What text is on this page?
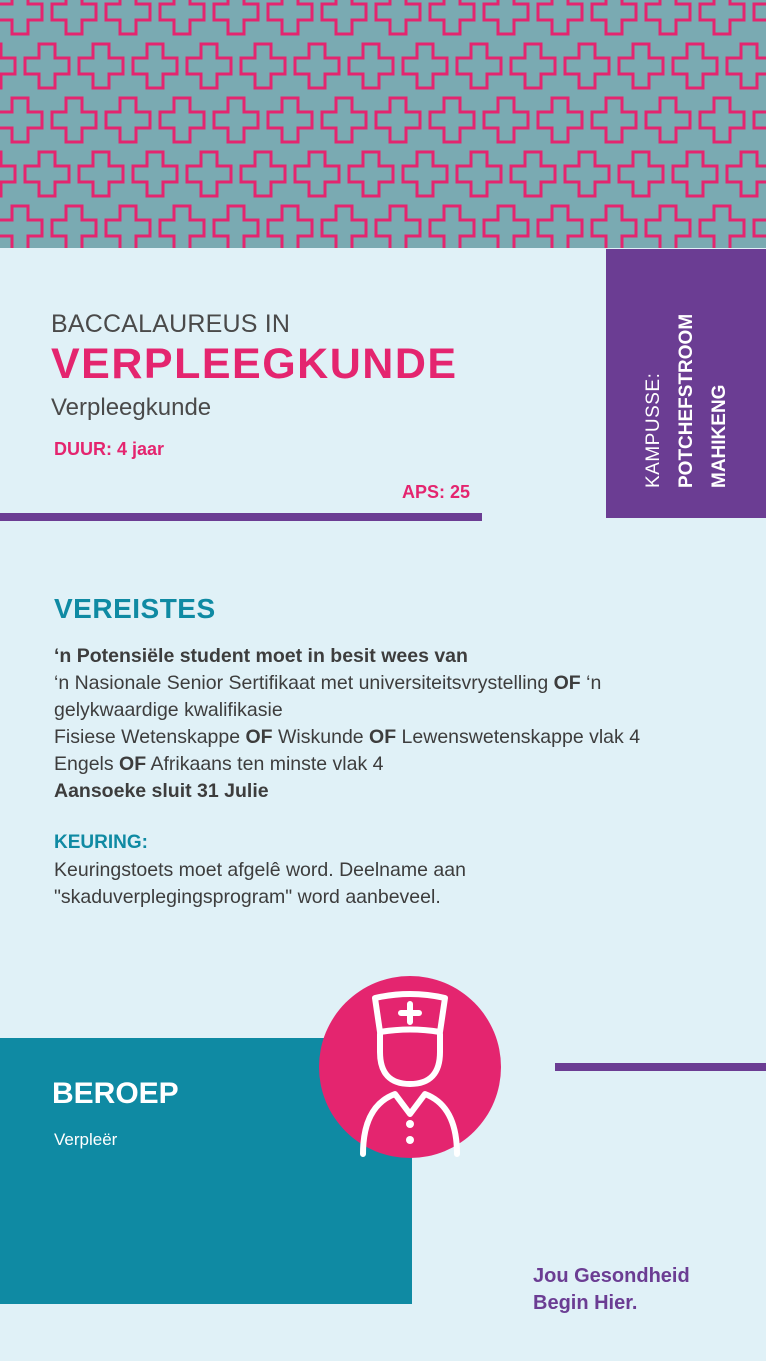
KAMPUSSE: POTCHEFSTROOM MAHIKENG
BACCALAUREUS IN
VERPLEEGKUNDE
Verpleegkunde
DUUR: 4 jaar
APS: 25
VEREISTES

‘n Potensiële student moet in besit wees van

‘n Nasionale Senior Sertifikaat met universiteitsvrystelling OF ‘n gelykwaardige kwalifikasie

Fisiese Wetenskappe OF Wiskunde OF Lewenswetenskappe vlak 4

Engels OF Afrikaans ten minste vlak 4

Aansoeke sluit 31 Julie

KEURING:
Keuringstoets moet afgelê word. Deelname aan "skaduverplegingsprogram" word aanbeveel.
BEROEP
Verpleër
Jou Gesondheid
Begin Hier.
